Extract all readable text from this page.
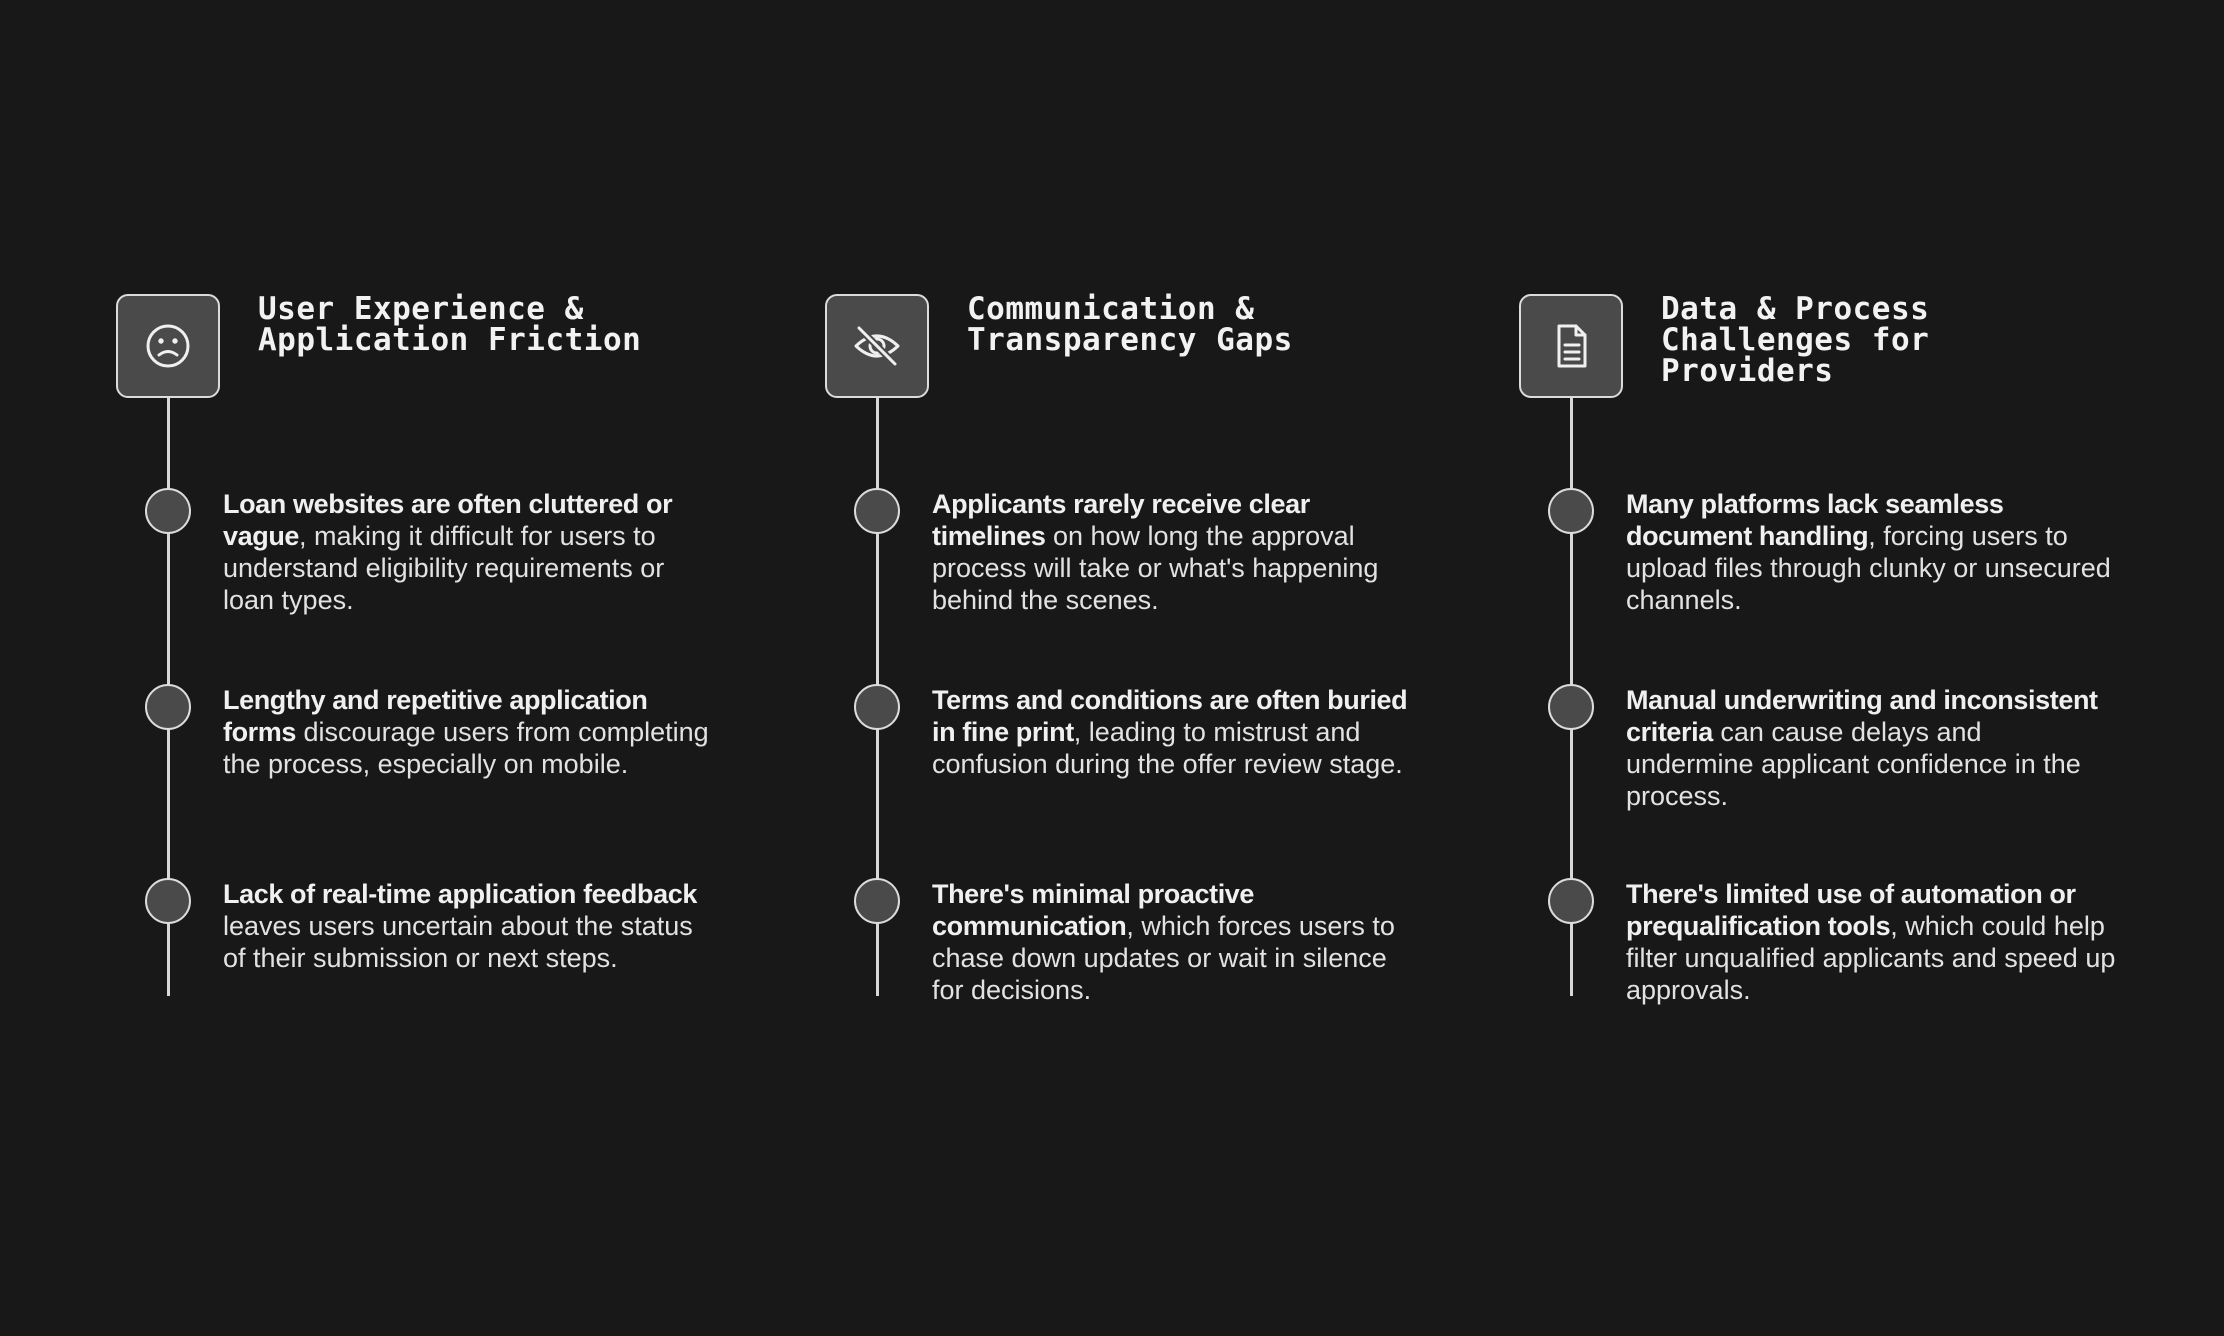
User Experience & Application Friction

Loan websites are often cluttered or vague, making it difficult for users to understand eligibility requirements or loan types.

Lengthy and repetitive application forms discourage users from completing the process, especially on mobile.

Lack of real-time application feedback leaves users uncertain about the status of their submission or next steps.

Communication & Transparency Gaps

Applicants rarely receive clear timelines on how long the approval process will take or what's happening behind the scenes.

Terms and conditions are often buried in fine print, leading to mistrust and confusion during the offer review stage.

There's minimal proactive communication, which forces users to chase down updates or wait in silence for decisions.

Data & Process Challenges for Providers

Many platforms lack seamless document handling, forcing users to upload files through clunky or unsecured channels.

Manual underwriting and inconsistent criteria can cause delays and undermine applicant confidence in the process.

There's limited use of automation or prequalification tools, which could help filter unqualified applicants and speed up approvals.
